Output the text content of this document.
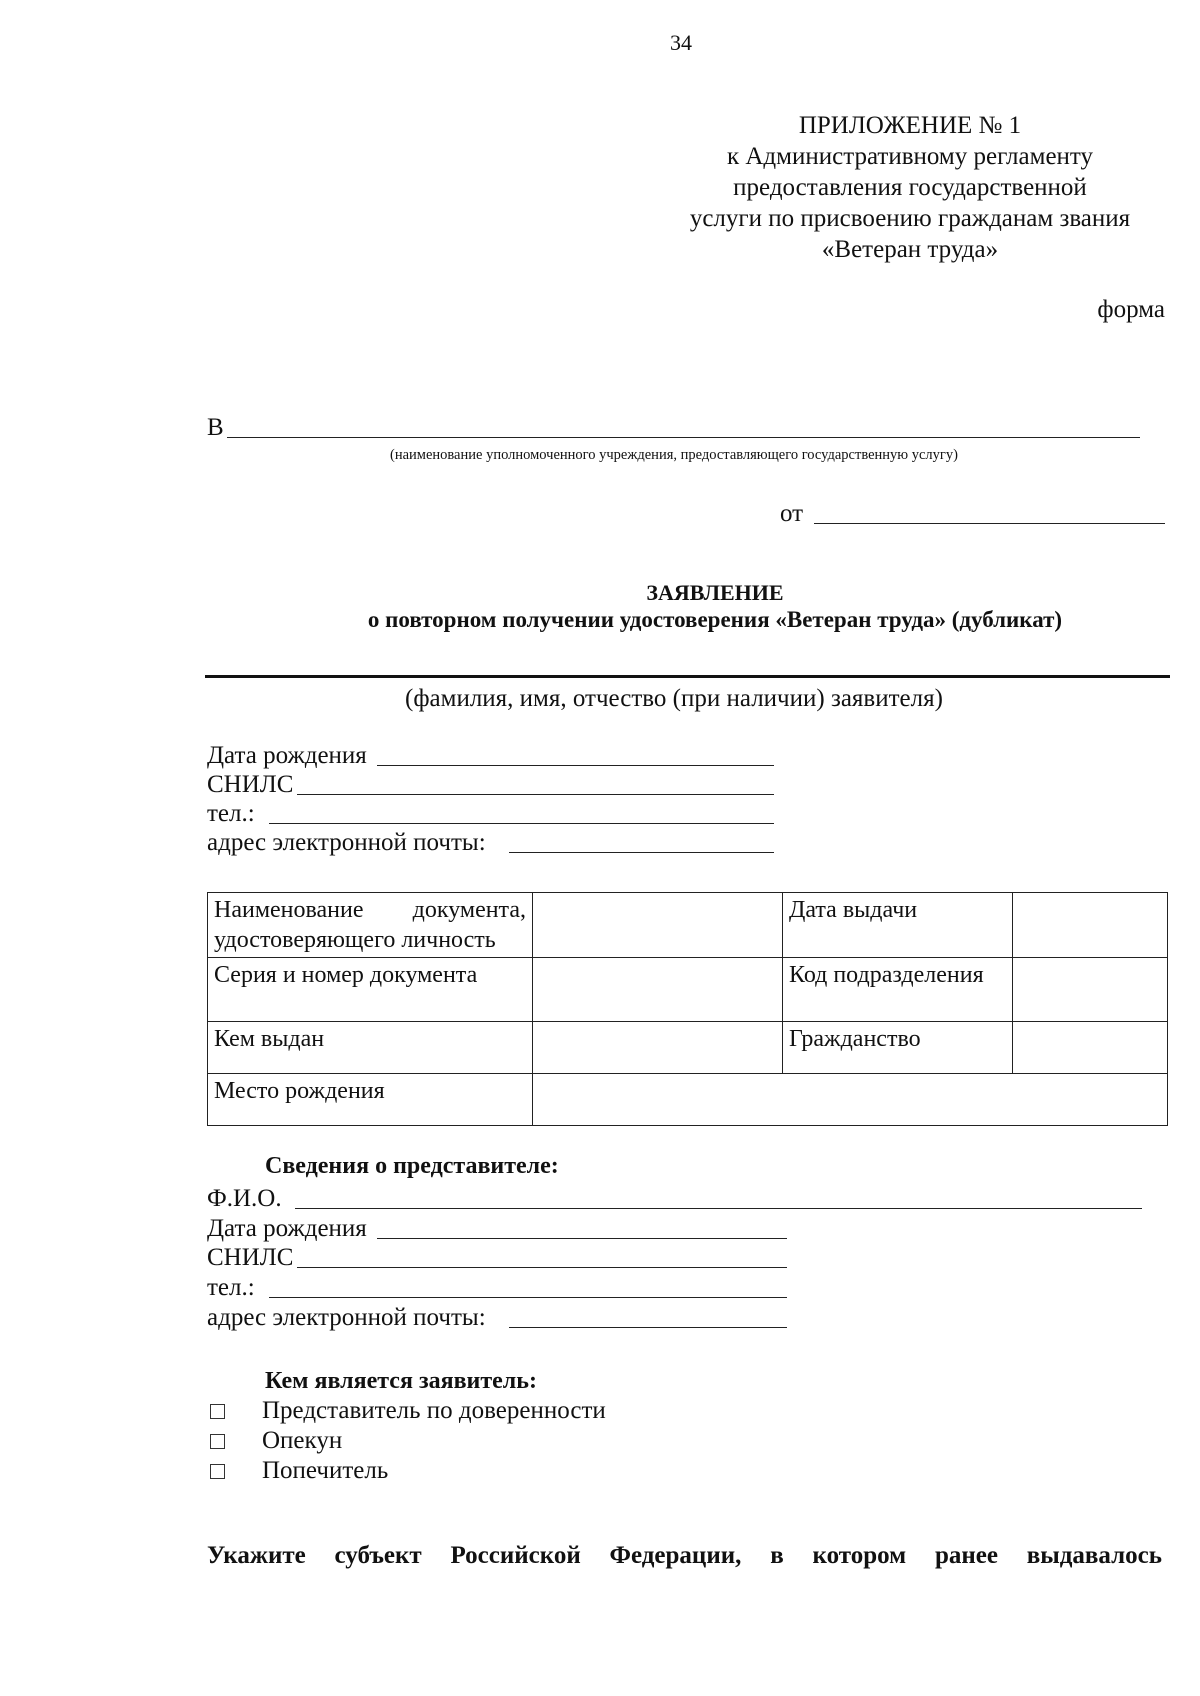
34
ПРИЛОЖЕНИЕ № 1
к Административному регламенту
предоставления государственной
услуги по присвоению гражданам звания
«Ветеран труда»
форма
В
(наименование уполномоченного учреждения, предоставляющего государственную услугу)
от
ЗАЯВЛЕНИЕ
о повторном получении удостоверения «Ветеран труда» (дубликат)
(фамилия, имя, отчество (при наличии) заявителя)
Дата рождения
СНИЛС
тел.:
адрес электронной почты:
Наименование документа,
удостоверяющего личность		Дата выдачи	
Серия и номер документа		Код подразделения	
Кем выдан		Гражданство	
Место рождения			
Сведения о представителе:
Ф.И.О.
Дата рождения
СНИЛС
тел.:
адрес электронной почты:
Кем является заявитель:
Представитель по доверенности
Опекун
Попечитель
Укажите субъект Российской Федерации, в котором ранее выдавалось
